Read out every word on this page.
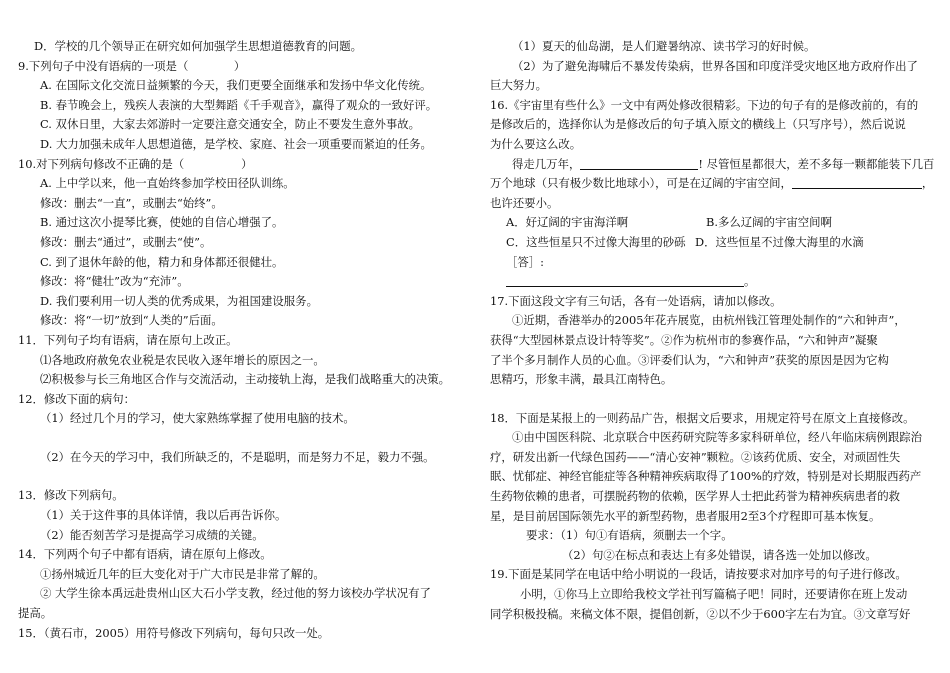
D．学校的几个领导正在研究如何加强学生思想道德教育的问题。
9.下列句子中没有语病的一项是（　　　　）
A. 在国际文化交流日益频繁的今天，我们更要全面继承和发扬中华文化传统。
B. 春节晚会上，残疾人表演的大型舞蹈《千手观音》，赢得了观众的一致好评。
C. 双休日里，大家去郊游时一定要注意交通安全，防止不要发生意外事故。
D. 大力加强未成年人思想道德，是学校、家庭、社会一项重要而紧迫的任务。
10.对下列病句修改不正确的是（　　　　　）
A. 上中学以来，他一直始终参加学校田径队训练。
修改：删去“一直”，或删去“始终”。
B. 通过这次小提琴比赛，使她的自信心增强了。
修改：删去“通过”，或删去“使”。
C. 到了退休年龄的他，精力和身体都还很健壮。
修改：将“健壮”改为“充沛”。
D. 我们要利用一切人类的优秀成果，为祖国建设服务。
修改：将“一切”放到“人类的”后面。
11．下列句子均有语病，请在原句上改正。
⑴各地政府赦免农业税是农民收入逐年增长的原因之一。
⑵积极参与长三角地区合作与交流活动，主动接轨上海，是我们战略重大的决策。
12．修改下面的病句：
（1）经过几个月的学习，使大家熟练掌握了使用电脑的技术。
（2）在今天的学习中，我们所缺乏的，不是聪明，而是努力不足，毅力不强。
13．修改下列病句。
（1）关于这件事的具体详情，我以后再告诉你。
（2）能否刻苦学习是提高学习成绩的关键。
14．下列两个句子中都有语病，请在原句上修改。
①扬州城近几年的巨大变化对于广大市民是非常了解的。
② 大学生徐本禹远赴贵州山区大石小学支教，经过他的努力该校办学状况有了
提高。
15．（黄石市，2005）用符号修改下列病句，每句只改一处。
（1）夏天的仙岛湖，是人们避暑纳凉、读书学习的好时候。
（2）为了避免海啸后不暴发传染病，世界各国和印度洋受灾地区地方政府作出了
巨大努力。
16.《宇宙里有些什么》一文中有两处修改很精彩。下边的句子有的是修改前的，有的
是修改后的，选择你认为是修改后的句子填入原文的横线上（只写序号），然后说说
为什么要这么改。
得走几万年，	! 尽管恒星都很大，差不多每一颗都能装下几百
万个地球（只有极少数比地球小），可是在辽阔的宇宙空间，	，
也许还要小。
A．好辽阔的宇宙海洋啊	B.多么辽阔的宇宙空间啊
C．这些恒星只不过像大海里的砂砾 D．这些恒星不过像大海里的水滴
［答］:
。
17.下面这段文字有三句话，各有一处语病，请加以修改。
①近期，香港举办的2005年花卉展览，由杭州钱江管理处制作的“六和钟声”，
获得“大型园林景点设计特等奖”。②作为杭州市的参赛作品，“六和钟声”凝聚
了半个多月制作人员的心血。③评委们认为，“六和钟声”获奖的原因是因为它构
思精巧，形象丰满，最具江南特色。
18．下面是某报上的一则药品广告，根据文后要求，用规定符号在原文上直接修改。
①由中国医科院、北京联合中医药研究院等多家科研单位，经八年临床病例跟踪治
疗，研发出新一代绿色国药——“清心安神”颗粒。②该药优质、安全，对顽固性失
眠、忧郁症、神经官能症等各种精神疾病取得了100%的疗效，特别是对长期服西药产
生药物依赖的患者，可摆脱药物的依赖，医学界人士把此药誉为精神疾病患者的救
星，是目前居国际领先水平的新型药物，患者服用2至3个疗程即可基本恢复。
要求：（1）句①有语病，须删去一个字。
（2）句②在标点和表达上有多处错误，请各选一处加以修改。
19.下面是某同学在电话中给小明说的一段话，请按要求对加序号的句子进行修改。
小明，①你马上立即给我校文学社刊写篇稿子吧！同时，还要请你在班上发动
同学积极投稿。来稿文体不限，提倡创新，②以不少于600字左右为宜。③文章写好
